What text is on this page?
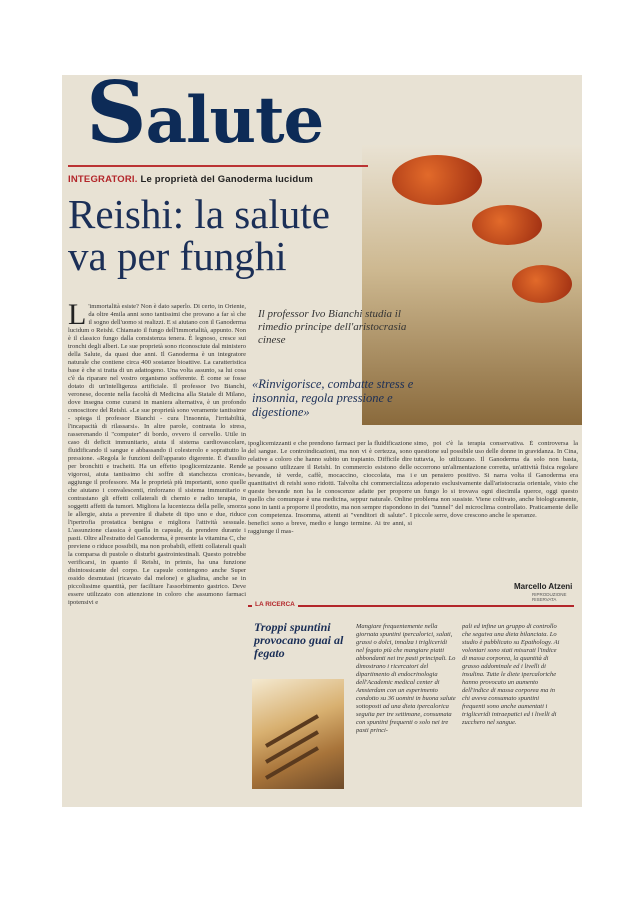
Salute
INTEGRATORI. Le proprietà del Ganoderma lucidum
Reishi: la salute va per funghi
Il professor Ivo Bianchi studia il rimedio principe dell'aristocrasia cinese
«Rinvigorisce, combatte stress e insonnia, regola pressione e digestione»
L 'immortalità esiste? Non è dato saperlo. Di certo, in Oriente, da oltre 4mila anni sono tantissimi che provano a far sì che il sogno dell'uomo si realizzi. E si aiutano con il Ganoderma lucidum o Reishi. Chiamato il fungo dell'immortalità, appunto. Non è il classico fungo dalla consistenza tenera. È legnoso, cresce sui tronchi degli alberi. Le sue proprietà sono riconosciute dal ministero della Salute, da quasi due anni. Il Ganoderma è un integratore naturale che contiene circa 400 sostanze bioattive. La caratteristica base è che si tratta di un adattogeno. Una volta assunto, sa lui cosa c'è da riparare nel vostro organismo sofferente. È come se fosse dotato di un'intelligenza artificiale. Il professor Ivo Bianchi, veronese, docente nella facoltà di Medicina alla Statale di Milano, dove insegna come curarsi in maniera alternativa, è un profondo conoscitore del Reishi. «Le sue proprietà sono veramente tantissime - spiega il professor Bianchi - cura l'insonnia, l'irritabilità, l'incapacità di rilassarsi». In altre parole, contrasta lo stress, rasserenando il "computer" di bordo, ovvero il cervello. Utile in caso di deficit immunitario, aiuta il sistema cardiovascolare, fluidificando il sangue e abbassando il colesterolo e soprattutto la pressione. «Regola le funzioni dell'apparato digerente. È d'ausilio per bronchiti e tracheiti. Ha un effetto ipoglicemizzante. Rende vigorosi, aiuta tantissimo chi soffre di stanchezza cronica», aggiunge il professore. Ma le proprietà più importanti, sono quelle che aiutano i convalescenti, rinforzano il sistema immunitario e contrastano gli effetti collaterali di chemio e radio terapia, in soggetti affetti da tumori. Migliora la lucentezza della pelle, smorza le allergie, aiuta a prevenire il diabete di tipo uno e due, riduce l'ipertrofia prostatica benigna e migliora l'attività sessuale. L'assunzione classica è quella in capsule, da prendere durante i pasti. Oltre all'estratto del Ganoderma, è presente la vitamina C, che previene o riduce possibili, ma non probabili, effetti collaterali quali la comparsa di pustole o disturbi gastrointestinali. Questo potrebbe verificarsi, in quanto il Reishi, in primis, ha una funzione disintossicante del corpo. Le capsule contengono anche Super ossido desmutasi (ricavato dal melone) e gliadina, anche se in piccolissime quantità, per facilitare l'assorbimento gastrico. Deve essere utilizzato con attenzione in coloro che assumono farmaci ipotensivi e
ipoglicemizzanti e che prendono farmaci per la fluidificazione del sangue. Le controindicazioni, ma non vi è certezza, sono relative a coloro che hanno subito un trapianto. Difficile dire se possano utilizzare il Reishi. In commercio esistono delle bevande, tè verde, caffè, mocaccino, cioccolata, ma i quantitativi di reishi sono ridotti. Talvolta chi commercializza queste bevande non ha le conoscenze adatte per proporre quello che comunque è una medicina, seppur naturale. Online sono in tanti a proporre il prodotto, ma non sempre rispondono con competenza. Insomma, attenti ai "venditori di salute". I benefici sono a breve, medio e lungo termine. Ai tre anni, si raggiunge il mas-
simo, poi c'è la terapia conservativa. È controversa la questione sul possibile uso delle donne in gravidanza. In Cina, tuttavia, lo utilizzano. Il Ganoderma da solo non basta, occorrono un'alimentazione corretta, un'attività fisica regolare e un pensiero positivo. Si narra volta il Ganoderma era adoperato esclusivamente dall'aristocrazia orientale, visto che un fungo lo si trovava ogni diecimila querce, oggi questo problema non sussiste. Viene coltivato, anche biologicamente, in dei "tunnel" del microclima controllato. Praticamente delle piccole serre, dove crescono anche le speranze.
Marcello Atzeni
RIPRODUZIONE RISERVATA
LA RICERCA
Troppi spuntini provocano guai al fegato
Mangiare frequentemente nella giornata spuntini ipercalorici, salati, grassi o dolci, innalza i trigliceridi nel fegato più che mangiare piatti abbondanti nei tre pasti principali. Lo dimostrano i ricercatori del dipartimento di endocrinologia dell'Academic medical center di Amsterdam con un esperimento condotto su 36 uomini in buona salute sottoposti ad una dieta ipercalorica seguita per tre settimane, consumata con spuntini frequenti o solo nei tre pasti princi-
pali ed infine un gruppo di controllo che seguiva una dieta bilanciata. Lo studio è pubblicato su Epathology. Ai volontari sono stati misurati l'indice di massa corporea, la quantità di grasso addominale ed i livelli di insulina. Tutte le diete ipercaloriche hanno provocato un aumento dell'indice di massa corporea ma in chi aveva consumato spuntini frequenti sono anche aumentati i trigliceridi intraepatici ed i livelli di zucchero nel sangue.
